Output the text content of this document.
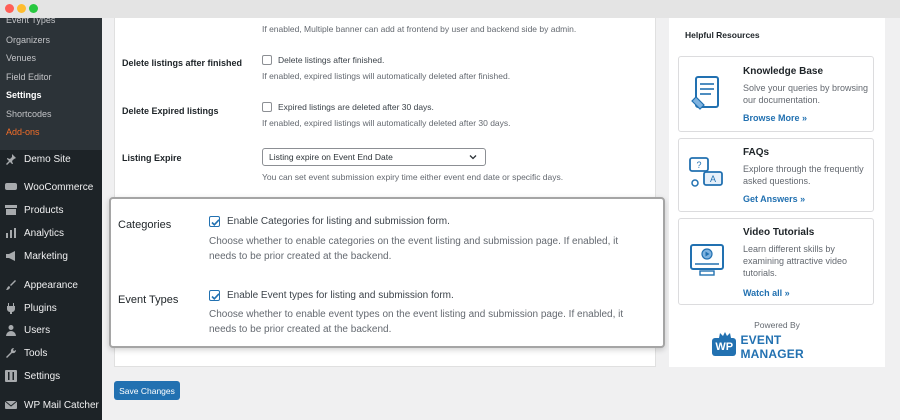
Event Types
Organizers
Venues
Field Editor
Settings
Shortcodes
Add-ons
Demo Site
WooCommerce
Products
Analytics
Marketing
Appearance
Plugins
Users
Tools
Settings
WP Mail Catcher
If enabled, Multiple banner can add at frontend by user and backend side by admin.
Delete listings after finished	Delete listings after finished.
If enabled, expired listings will automatically deleted after finished.
Delete Expired listings	Expired listings are deleted after 30 days.
If enabled, expired listings will automatically deleted after 30 days.
Listing Expire	Listing expire on Event End Date
You can set event submission expiry time either event end date or specific days.
Categories	Enable Categories for listing and submission form.
Choose whether to enable categories on the event listing and submission page. If enabled, it
needs to be prior created at the backend.
Event Types	Enable Event types for listing and submission form.
Choose whether to enable event types on the event listing and submission page. If enabled, it
needs to be prior created at the backend.
Save Changes
Helpful Resources
Knowledge Base
Solve your queries by browsing our documentation.
Browse More »
?
A
FAQs
Explore through the frequently asked questions.
Get Answers »
Video Tutorials
Learn different skills by examining attractive video tutorials.
Watch all »
Powered By
WP EVENT MANAGER
